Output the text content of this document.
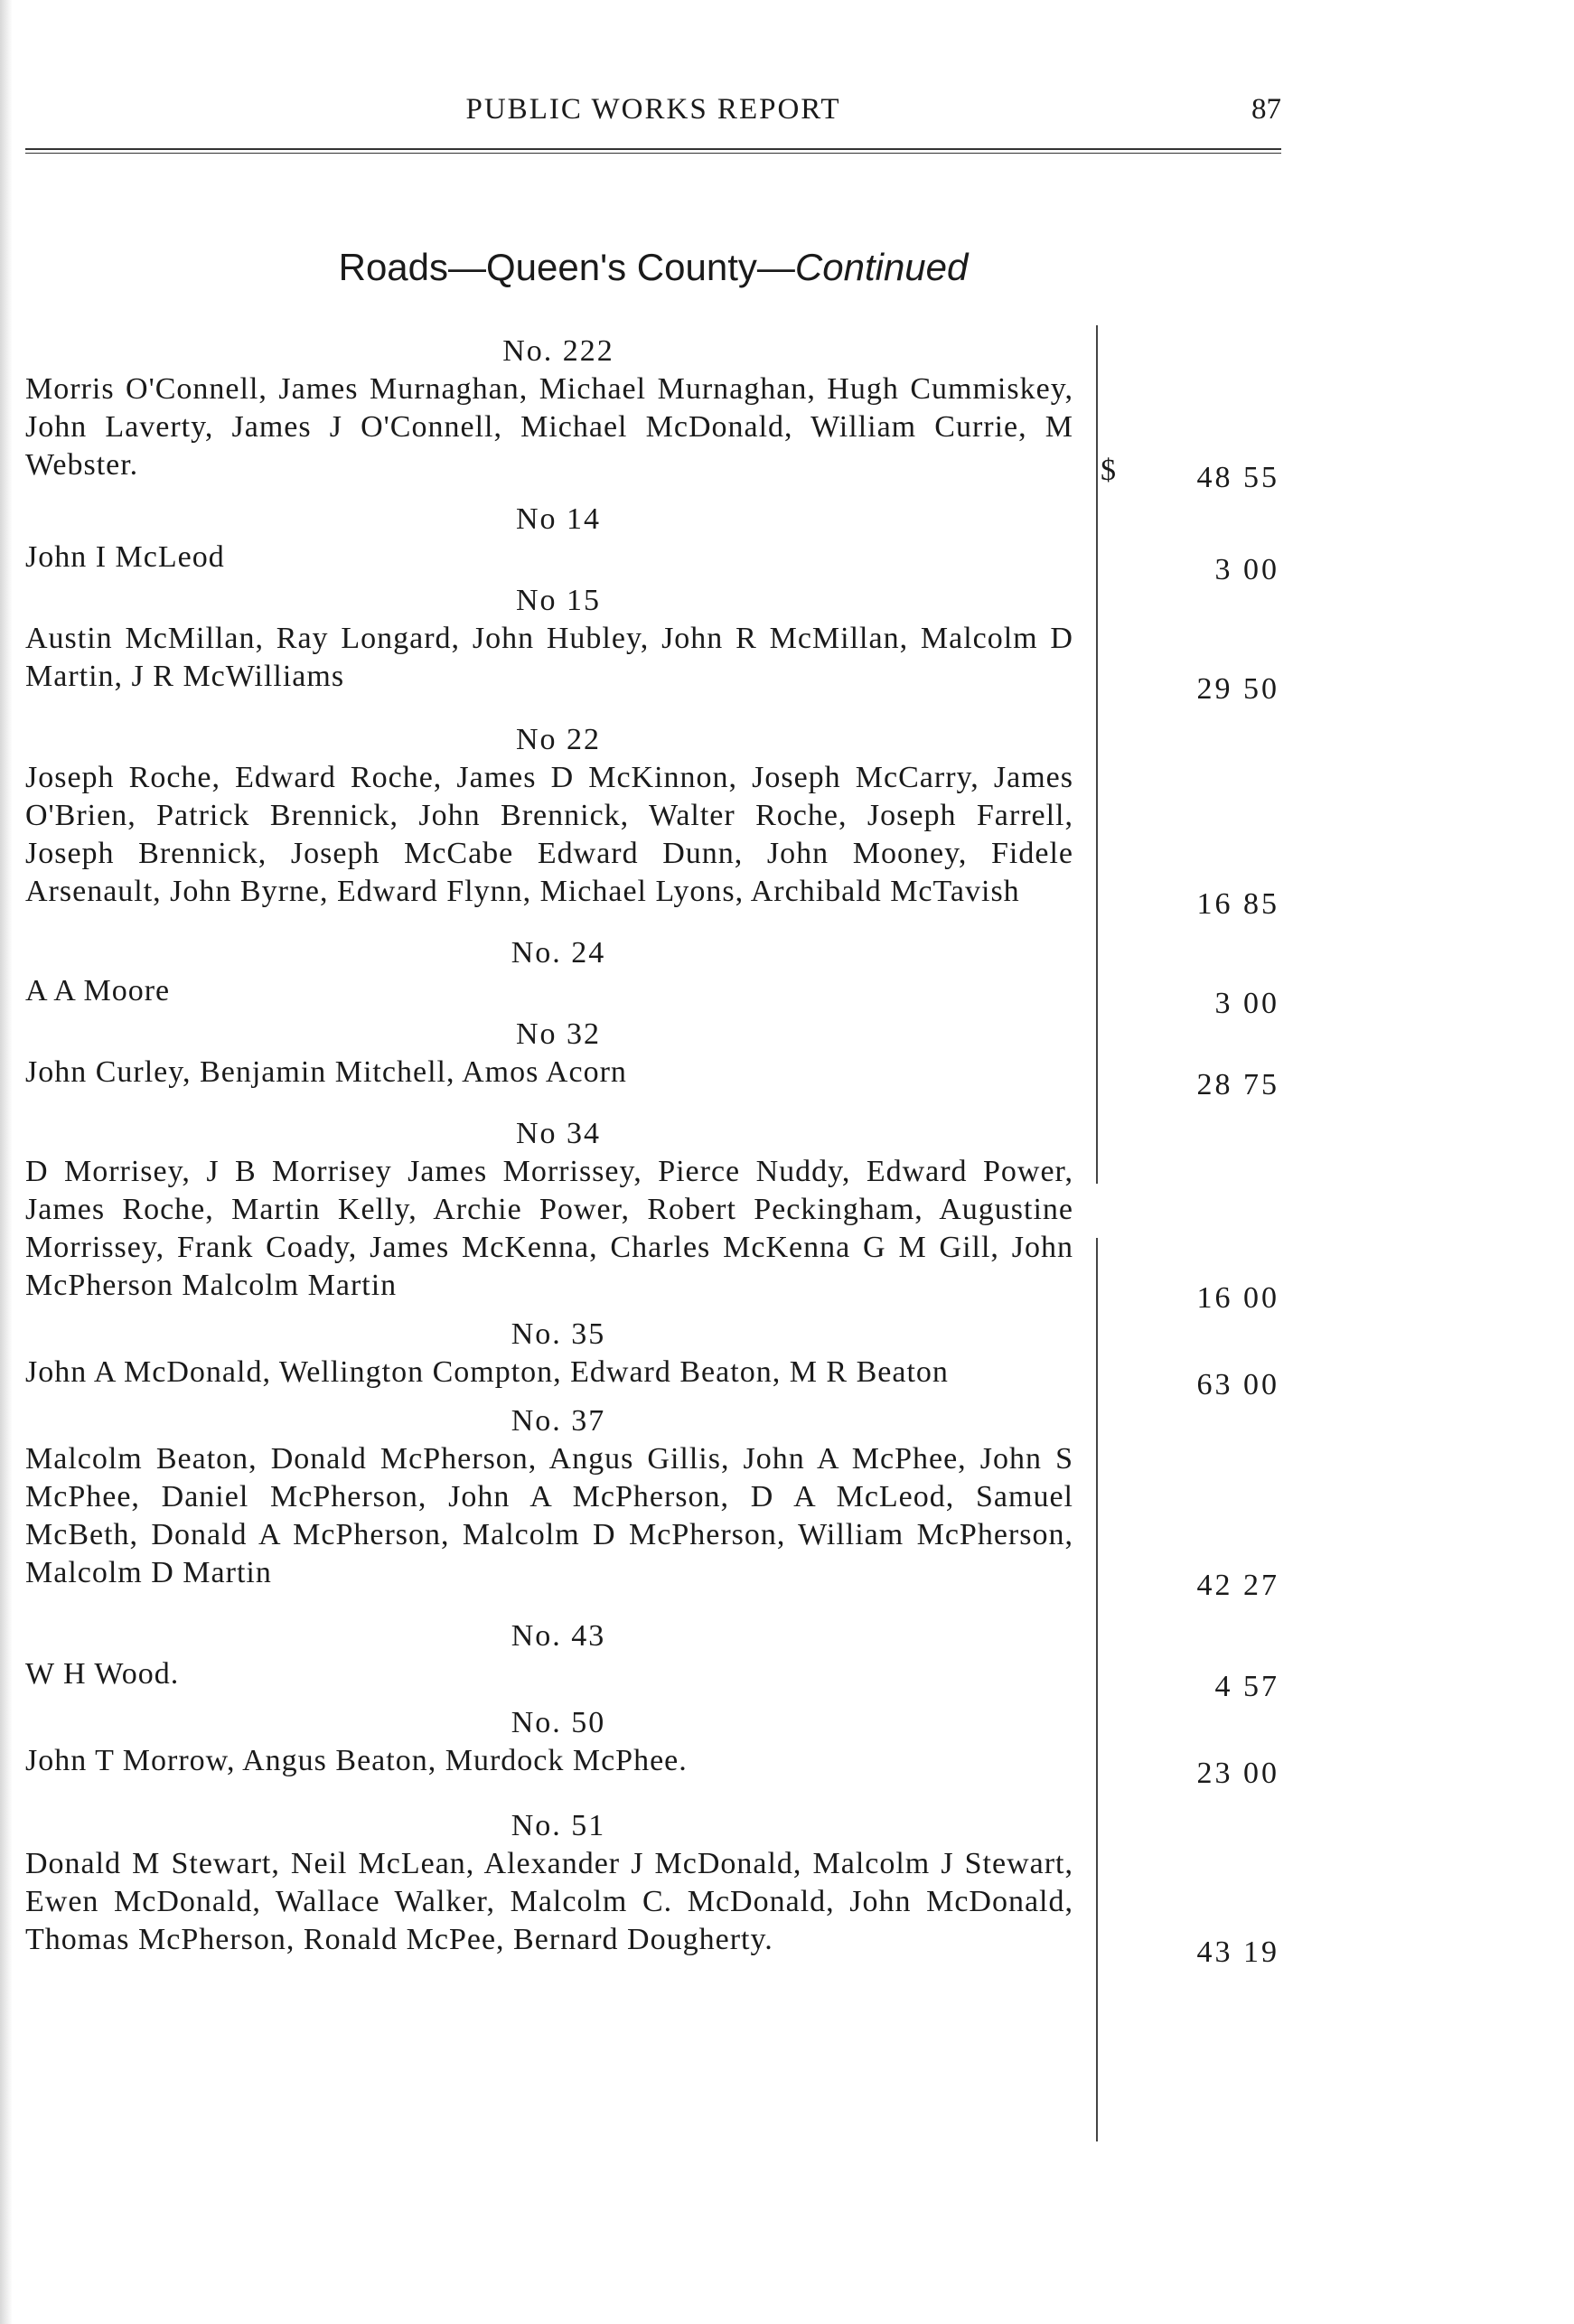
PUBLIC WORKS REPORT	87
Roads—Queen's County—Continued
No. 222
Morris O'Connell, James Murnaghan, Michael Murnaghan, Hugh Cummiskey, John Laverty, James J O'Connell, Michael McDonald, William Currie, M Webster.	$	48 55
No 14
John I McLeod	3 00
No 15
Austin McMillan, Ray Longard, John Hubley, John R McMillan, Malcolm D Martin, J R McWilliams	29 50
No 22
Joseph Roche, Edward Roche, James D McKinnon, Joseph McCarry, James O'Brien, Patrick Brennick, John Brennick, Walter Roche, Joseph Farrell, Joseph Brennick, Joseph McCabe Edward Dunn, John Mooney, Fidele Arsenault, John Byrne, Edward Flynn, Michael Lyons, Archibald McTavish	16 85
No. 24
A A Moore	3 00
No 32
John Curley, Benjamin Mitchell, Amos Acorn	28 75
No 34
D Morrisey, J B Morrisey James Morrissey, Pierce Nuddy, Edward Power, James Roche, Martin Kelly, Archie Power, Robert Peckingham, Augustine Morrissey, Frank Coady, James McKenna, Charles McKenna G M Gill, John McPherson Malcolm Martin	16 00
No. 35
John A McDonald, Wellington Compton, Edward Beaton, M R Beaton	63 00
No. 37
Malcolm Beaton, Donald McPherson, Angus Gillis, John A McPhee, John S McPhee, Daniel McPherson, John A McPherson, D A McLeod, Samuel McBeth, Donald A McPherson, Malcolm D McPherson, William McPherson, Malcolm D Martin	42 27
No. 43
W H Wood.	4 57
No. 50
John T Morrow, Angus Beaton, Murdock McPhee.	23 00
No. 51
Donald M Stewart, Neil McLean, Alexander J McDonald, Malcolm J Stewart, Ewen McDonald, Wallace Walker, Malcolm C. McDonald, John McDonald, Thomas McPherson, Ronald McPee, Bernard Dougherty.	43 19
